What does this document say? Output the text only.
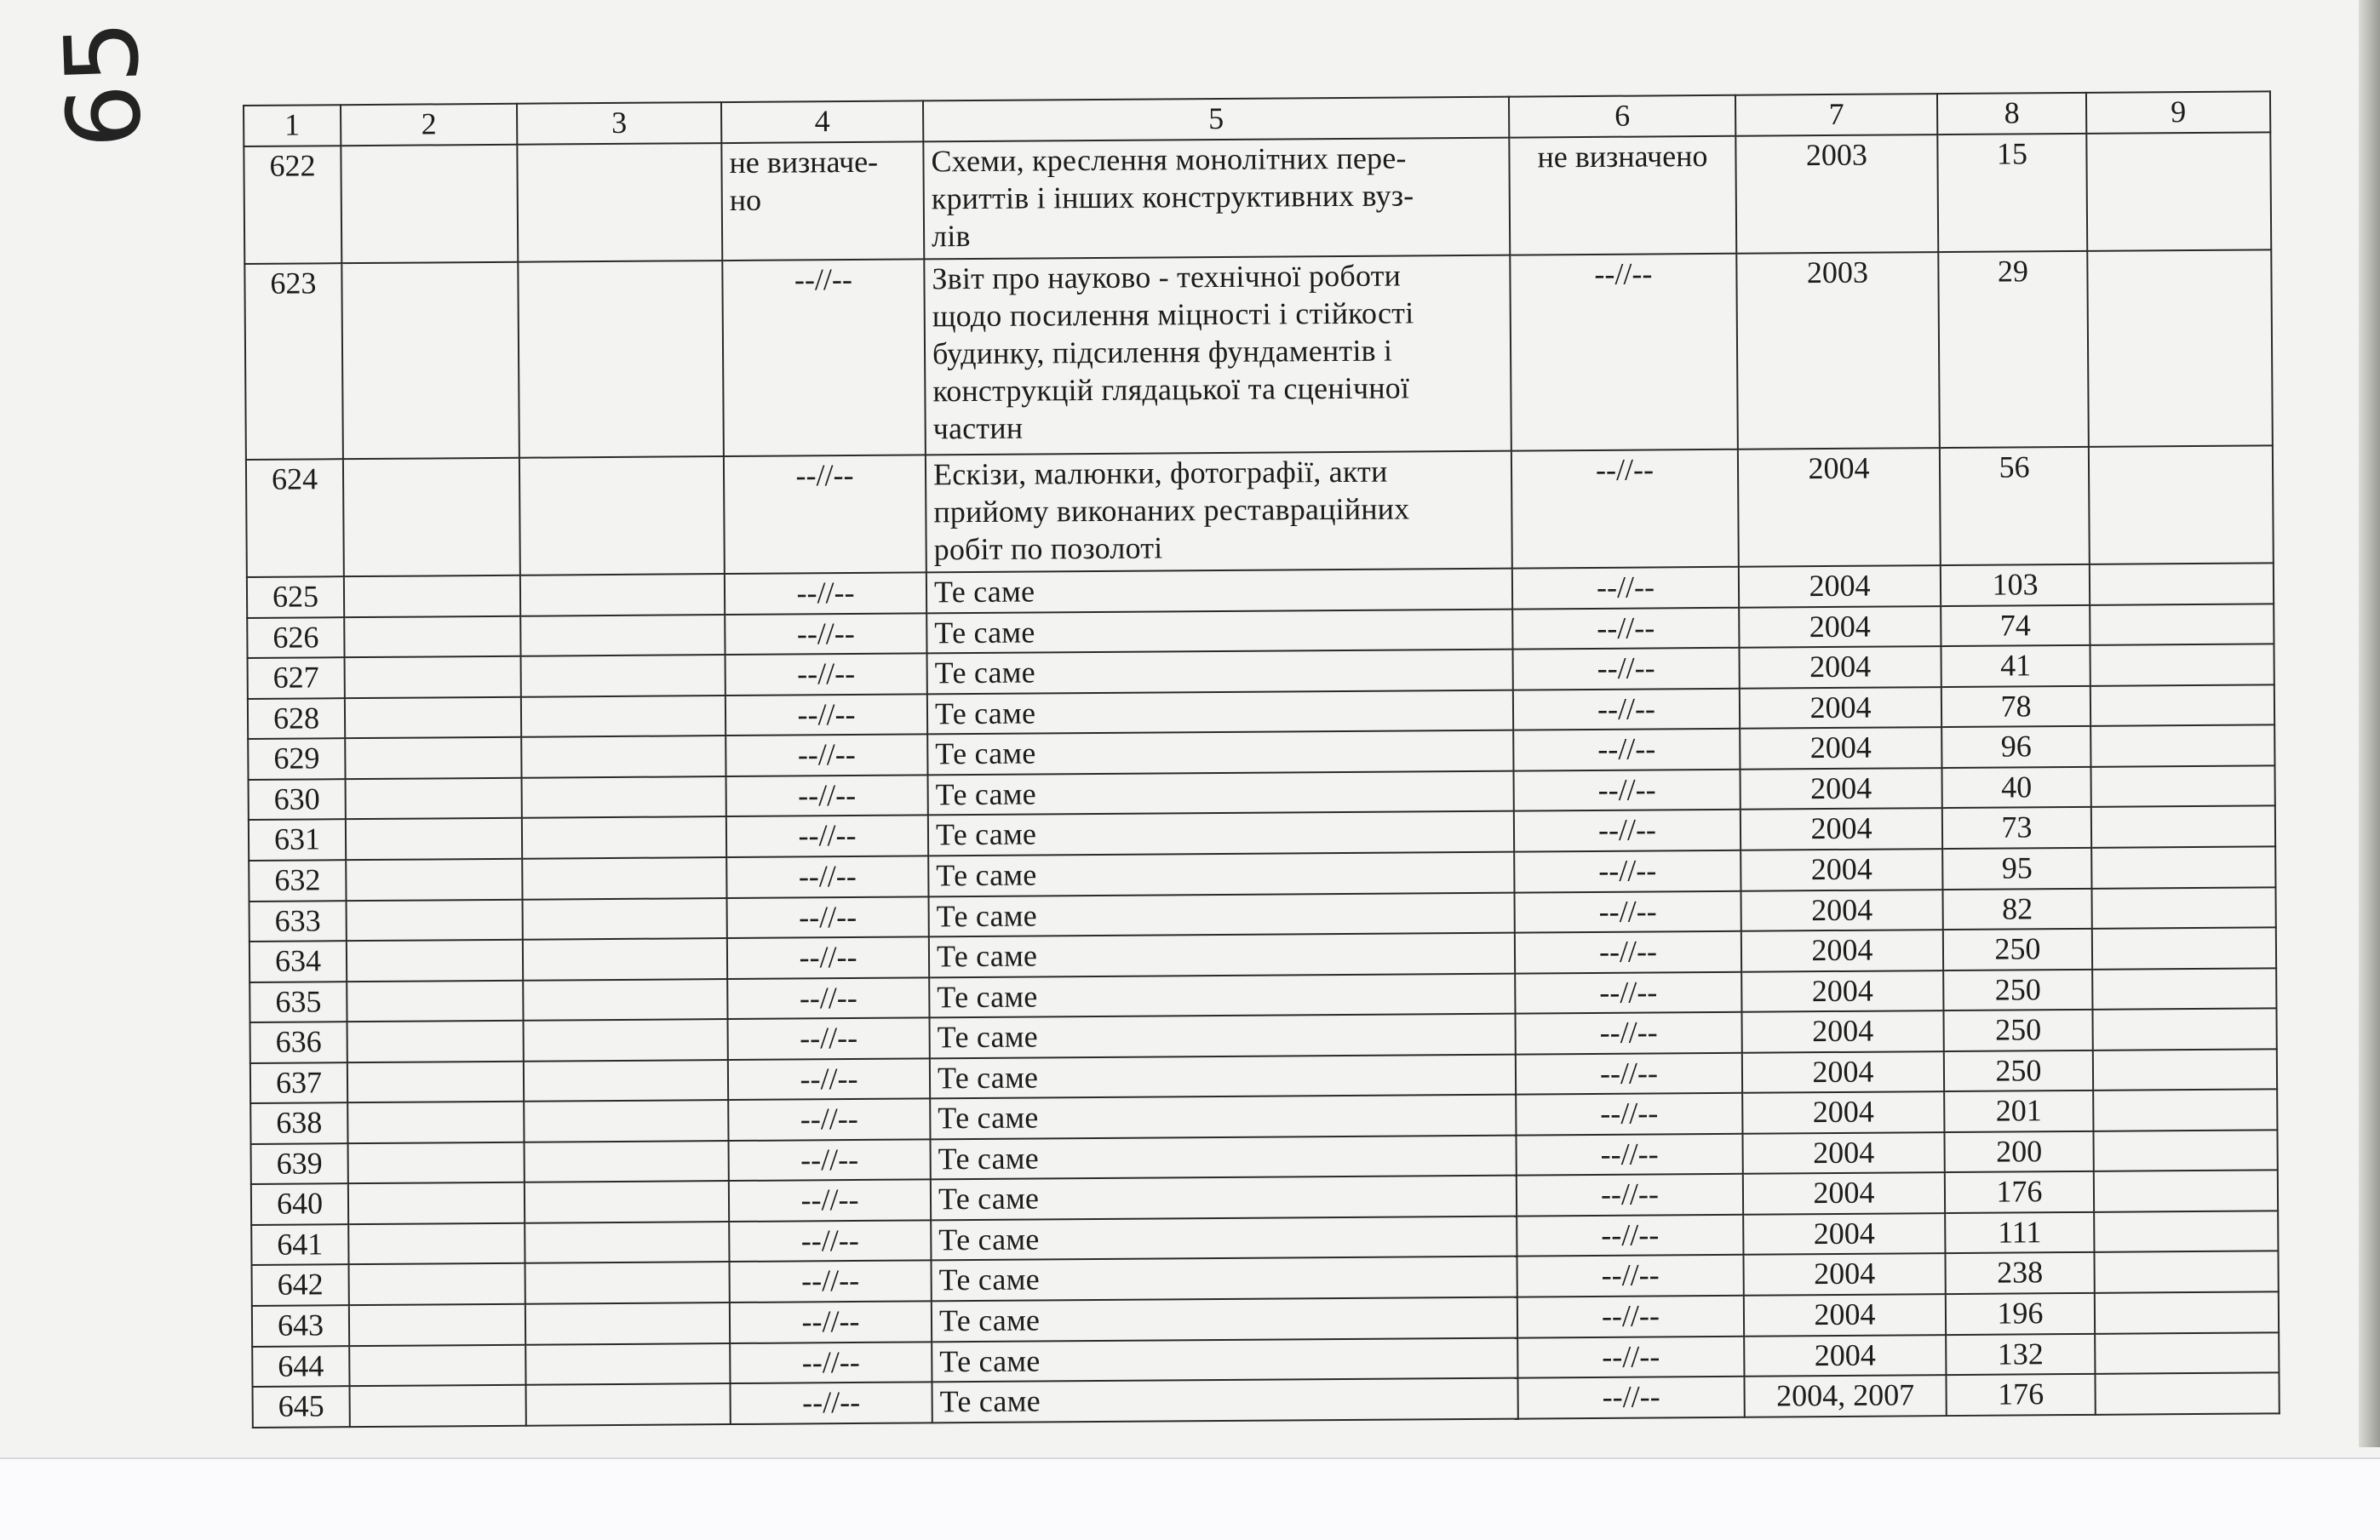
65	1	2	3	4	5	6	7	8	9
622			не визначе-
но	Схеми, креслення монолітних пере-
криттів і інших конструктивних вуз-
лів	не визначено	2003	15	
623			--//--	Звіт про науково - технічної роботи
щодо посилення міцності і стійкості
будинку, підсилення фундаментів і
конструкцій глядацької та сценічної
частин	--//--	2003	29	
624			--//--	Ескізи, малюнки, фотографії, акти
прийому виконаних реставраційних
робіт по позолоті	--//--	2004	56	
625			--//--	Те саме	--//--	2004	103	
626			--//--	Те саме	--//--	2004	74	
627			--//--	Те саме	--//--	2004	41	
628			--//--	Те саме	--//--	2004	78	
629			--//--	Те саме	--//--	2004	96	
630			--//--	Те саме	--//--	2004	40	
631			--//--	Те саме	--//--	2004	73	
632			--//--	Те саме	--//--	2004	95	
633			--//--	Те саме	--//--	2004	82	
634			--//--	Те саме	--//--	2004	250	
635			--//--	Те саме	--//--	2004	250	
636			--//--	Те саме	--//--	2004	250	
637			--//--	Те саме	--//--	2004	250	
638			--//--	Те саме	--//--	2004	201	
639			--//--	Те саме	--//--	2004	200	
640			--//--	Те саме	--//--	2004	176	
641			--//--	Те саме	--//--	2004	111	
642			--//--	Те саме	--//--	2004	238	
643			--//--	Те саме	--//--	2004	196	
644			--//--	Те саме	--//--	2004	132	
645			--//--	Те саме	--//--	2004, 2007	176	
